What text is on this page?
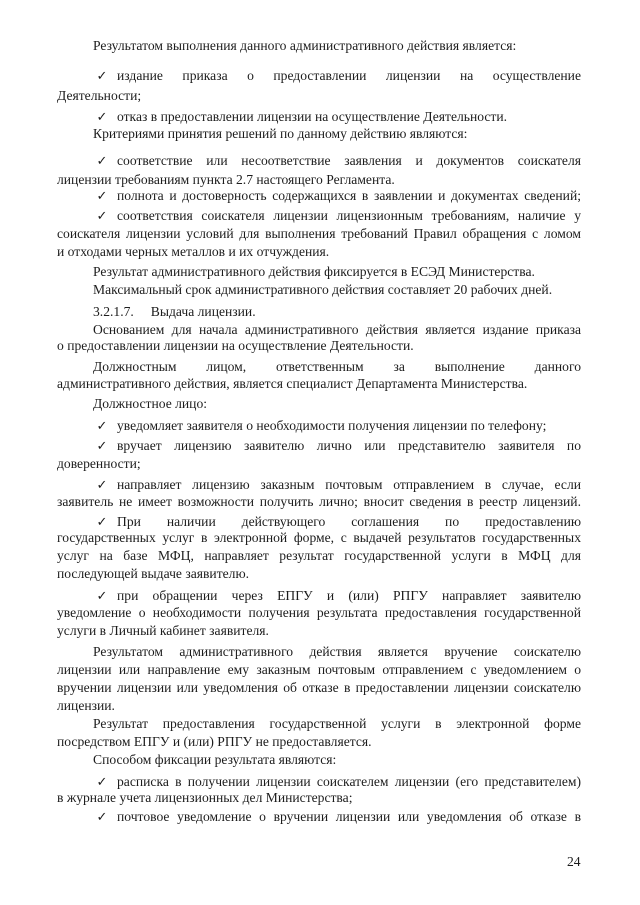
Результатом выполнения данного административного действия является:

✓

издание приказа о предоставлении лицензии на осуществление

Деятельности;

✓

отказ в предоставлении лицензии на осуществление Деятельности.

Критериями принятия решений по данному действию являются:

✓

соответствие или несоответствие заявления и документов соискателя

лицензии требованиям пункта 2.7 настоящего Регламента.

✓

полнота и достоверность содержащихся в заявлении и документах сведений;

✓

соответствия соискателя лицензии лицензионным требованиям, наличие у

соискателя лицензии условий для выполнения требований Правил обращения с ломом

и отходами черных металлов и их отчуждения.

Результат административного действия фиксируется в ЕСЭД Министерства.

Максимальный срок административного действия составляет 20 рабочих дней.

3.2.1.7.     Выдача лицензии.

Основанием для начала административного действия является издание приказа

о предоставлении лицензии на осуществление Деятельности.

Должностным лицом, ответственным за выполнение данного

административного действия, является специалист Департамента Министерства.

Должностное лицо:

✓

уведомляет заявителя о необходимости получения лицензии по телефону;

✓

вручает лицензию заявителю лично или представителю заявителя по

доверенности;

✓

направляет лицензию заказным почтовым отправлением в случае, если

заявитель не имеет возможности получить лично; вносит сведения в реестр лицензий.

✓

При наличии действующего соглашения по предоставлению

государственных услуг в электронной форме, с выдачей результатов государственных

услуг на базе МФЦ, направляет результат государственной услуги в МФЦ для

последующей выдаче заявителю.

✓

при обращении через ЕПГУ и (или) РПГУ направляет заявителю

уведомление о необходимости получения результата предоставления государственной

услуги в Личный кабинет заявителя.

Результатом административного действия является вручение соискателю

лицензии или направление ему заказным почтовым отправлением с уведомлением о

вручении лицензии или уведомления об отказе в предоставлении лицензии соискателю

лицензии.

Результат предоставления государственной услуги в электронной форме

посредством ЕПГУ и (или) РПГУ не предоставляется.

Способом фиксации результата являются:

✓

расписка в получении лицензии соискателем лицензии (его представителем)

в журнале учета лицензионных дел Министерства;

✓

почтовое уведомление о вручении лицензии или уведомления об отказе в

24
